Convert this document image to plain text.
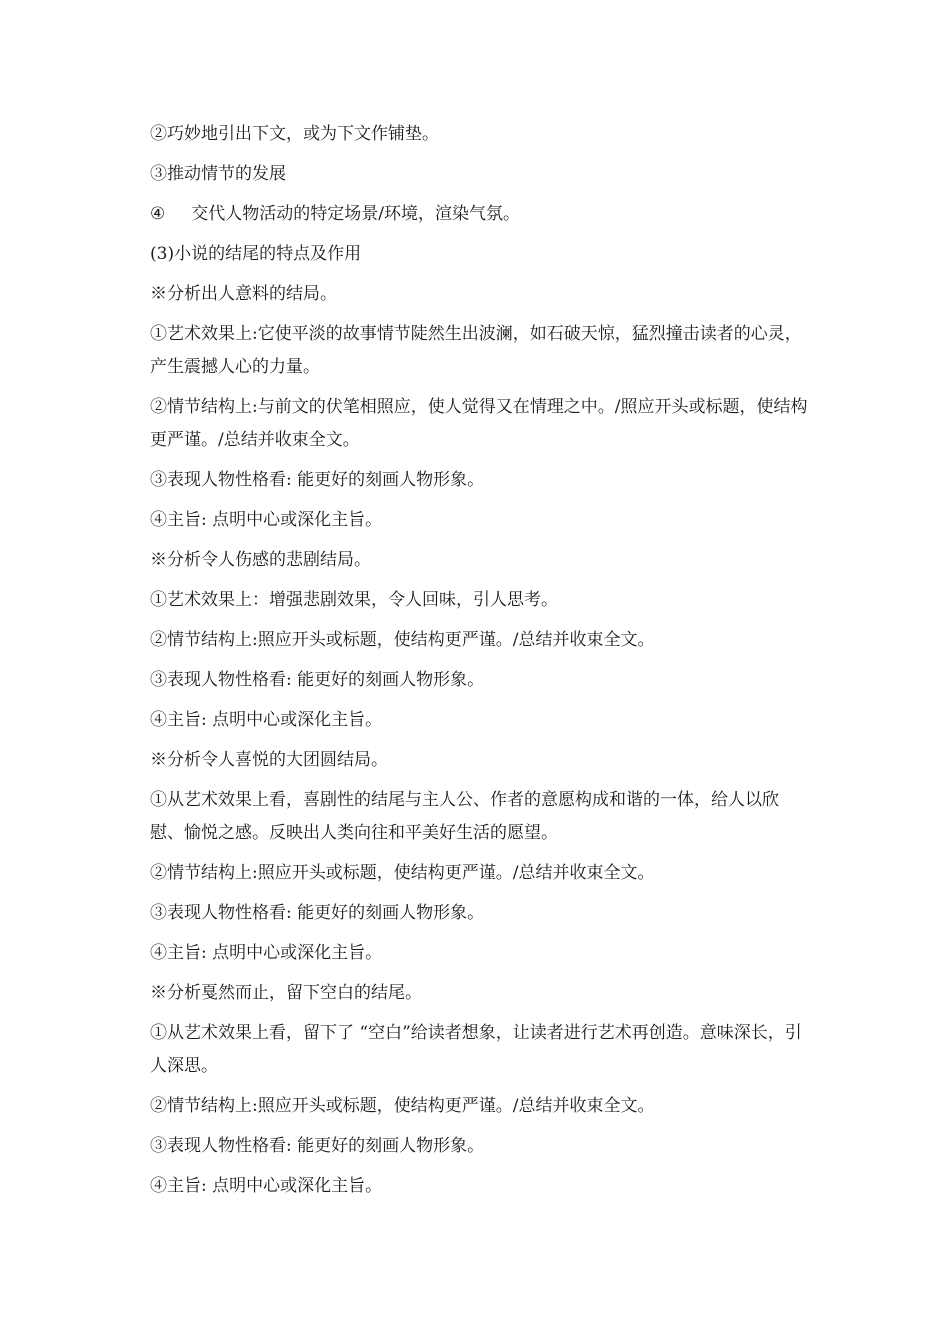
②巧妙地引出下文，或为下文作铺垫。

③推动情节的发展

④ 交代人物活动的特定场景/环境，渲染气氛。

(3)小说的结尾的特点及作用

※分析出人意料的结局。

①艺术效果上:它使平淡的故事情节陡然生出波澜，如石破天惊，猛烈撞击读者的心灵，产生震撼人心的力量。

②情节结构上:与前文的伏笔相照应，使人觉得又在情理之中。/照应开头或标题，使结构更严谨。/总结并收束全文。

③表现人物性格看: 能更好的刻画人物形象。

④主旨: 点明中心或深化主旨。

※分析令人伤感的悲剧结局。

①艺术效果上：增强悲剧效果，令人回味，引人思考。

②情节结构上:照应开头或标题，使结构更严谨。/总结并收束全文。

③表现人物性格看: 能更好的刻画人物形象。

④主旨: 点明中心或深化主旨。

※分析令人喜悦的大团圆结局。

①从艺术效果上看，喜剧性的结尾与主人公、作者的意愿构成和谐的一体，给人以欣慰、愉悦之感。反映出人类向往和平美好生活的愿望。

②情节结构上:照应开头或标题，使结构更严谨。/总结并收束全文。

③表现人物性格看: 能更好的刻画人物形象。

④主旨: 点明中心或深化主旨。

※分析戛然而止，留下空白的结尾。

①从艺术效果上看，留下了 “空白”给读者想象，让读者进行艺术再创造。意味深长，引人深思。

②情节结构上:照应开头或标题，使结构更严谨。/总结并收束全文。

③表现人物性格看: 能更好的刻画人物形象。

④主旨: 点明中心或深化主旨。
